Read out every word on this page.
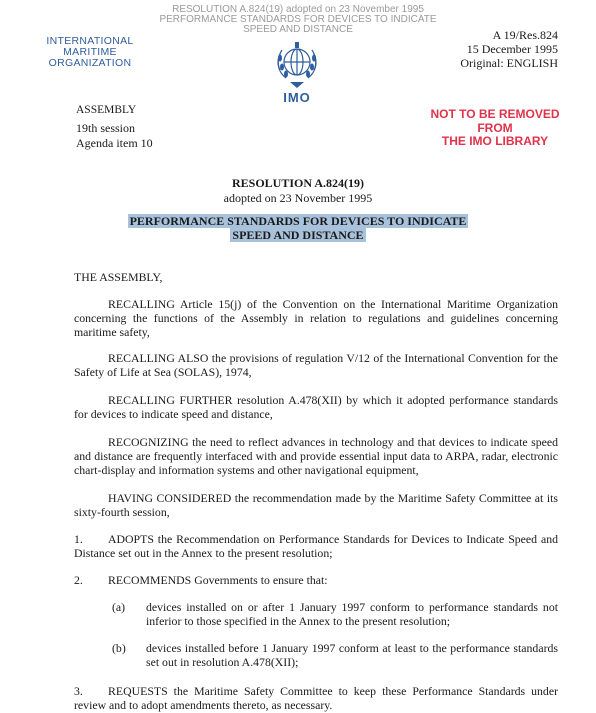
RESOLUTION A.824(19) adopted on 23 November 1995
PERFORMANCE STANDARDS FOR DEVICES TO INDICATE
SPEED AND DISTANCE
INTERNATIONAL MARITIME
ORGANIZATION
IMO
A 19/Res.824
15 December 1995
Original: ENGLISH
ASSEMBLY
19th session
Agenda item 10
NOT TO BE REMOVED
FROM
THE IMO LIBRARY
RESOLUTION A.824(19)
adopted on 23 November 1995
PERFORMANCE STANDARDS FOR DEVICES TO INDICATE
SPEED AND DISTANCE
THE ASSEMBLY,
RECALLING Article 15(j) of the Convention on the International Maritime Organization concerning the functions of the Assembly in relation to regulations and guidelines concerning maritime safety,
RECALLING ALSO the provisions of regulation V/12 of the International Convention for the Safety of Life at Sea (SOLAS), 1974,
RECALLING FURTHER resolution A.478(XII) by which it adopted performance standards for devices to indicate speed and distance,
RECOGNIZING the need to reflect advances in technology and that devices to indicate speed and distance are frequently interfaced with and provide essential input data to ARPA, radar, electronic chart-display and information systems and other navigational equipment,
HAVING CONSIDERED the recommendation made by the Maritime Safety Committee at its sixty-fourth session,
1. ADOPTS the Recommendation on Performance Standards for Devices to Indicate Speed and Distance set out in the Annex to the present resolution;
2. RECOMMENDS Governments to ensure that:
(a)	devices installed on or after 1 January 1997 conform to performance standards not inferior to those specified in the Annex to the present resolution;
(b)	devices installed before 1 January 1997 conform at least to the performance standards set out in resolution A.478(XII);
3. REQUESTS the Maritime Safety Committee to keep these Performance Standards under review and to adopt amendments thereto, as necessary.
